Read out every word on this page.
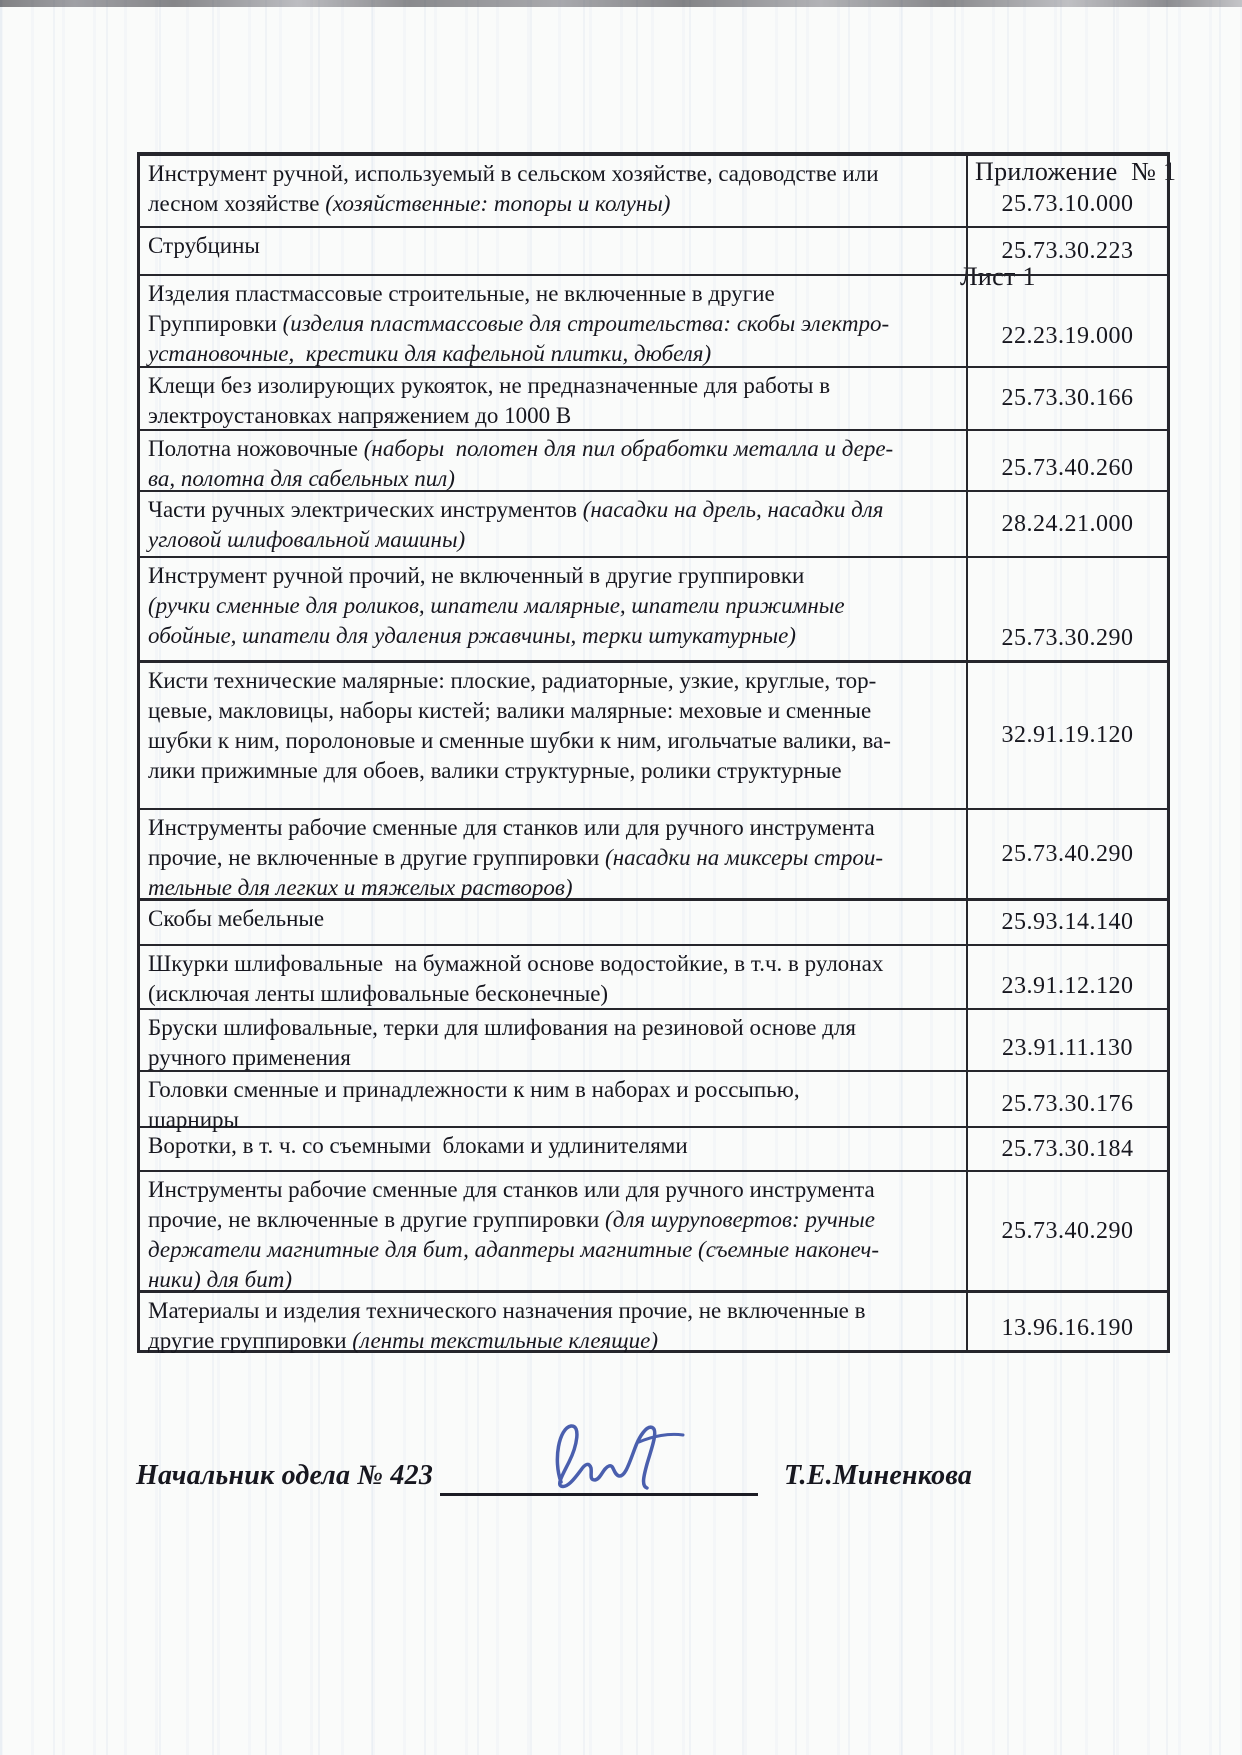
Приложение  № 1

Лист 1

Инструмент ручной, используемый в сельском хозяйстве, садоводстве или
лесном хозяйстве (хозяйственные: топоры и колуны)	25.73.10.000
Струбцины	25.73.30.223
Изделия пластмассовые строительные, не включенные в другие
Группировки (изделия пластмассовые для строительства: скобы электро-
установочные,  крестики для кафельной плитки, дюбеля)
22.23.19.000
Клещи без изолирующих рукояток, не предназначенные для работы в
электроустановках напряжением до 1000 В
25.73.30.166
Полотна ножовочные (наборы  полотен для пил обработки металла и дере-
ва, полотна для сабельных пил)	25.73.40.260
Части ручных электрических инструментов (насадки на дрель, насадки для
угловой шлифовальной машины)
28.24.21.000
Инструмент ручной прочий, не включенный в другие группировки
(ручки сменные для роликов, шпатели малярные, шпатели прижимные
обойные, шпатели для удаления ржавчины, терки штукатурные)	25.73.30.290
Кисти технические малярные: плоские, радиаторные, узкие, круглые, тор-
цевые, макловицы, наборы кистей; валики малярные: меховые и сменные
шубки к ним, поролоновые и сменные шубки к ним, игольчатые валики, ва-
лики прижимные для обоев, валики структурные, ролики структурные
32.91.19.120
Инструменты рабочие сменные для станков или для ручного инструмента
прочие, не включенные в другие группировки (насадки на миксеры строи-
тельные для легких и тяжелых растворов)
25.73.40.290
Скобы мебельные	25.93.14.140
Шкурки шлифовальные  на бумажной основе водостойкие, в т.ч. в рулонах
(исключая ленты шлифовальные бесконечные)	23.91.12.120
Бруски шлифовальные, терки для шлифования на резиновой основе для
ручного применения	23.91.11.130
Головки сменные и принадлежности к ним в наборах и россыпью,
шарниры
25.73.30.176
Воротки, в т. ч. со съемными  блоками и удлинителями	25.73.30.184
Инструменты рабочие сменные для станков или для ручного инструмента
прочие, не включенные в другие группировки (для шуруповертов: ручные
держатели магнитные для бит, адаптеры магнитные (съемные наконеч-
ники) для бит)
25.73.40.290
Материалы и изделия технического назначения прочие, не включенные в
другие группировки (ленты текстильные клеящие)	13.96.16.190
Начальник одела № 423	Т.Е.Миненкова
